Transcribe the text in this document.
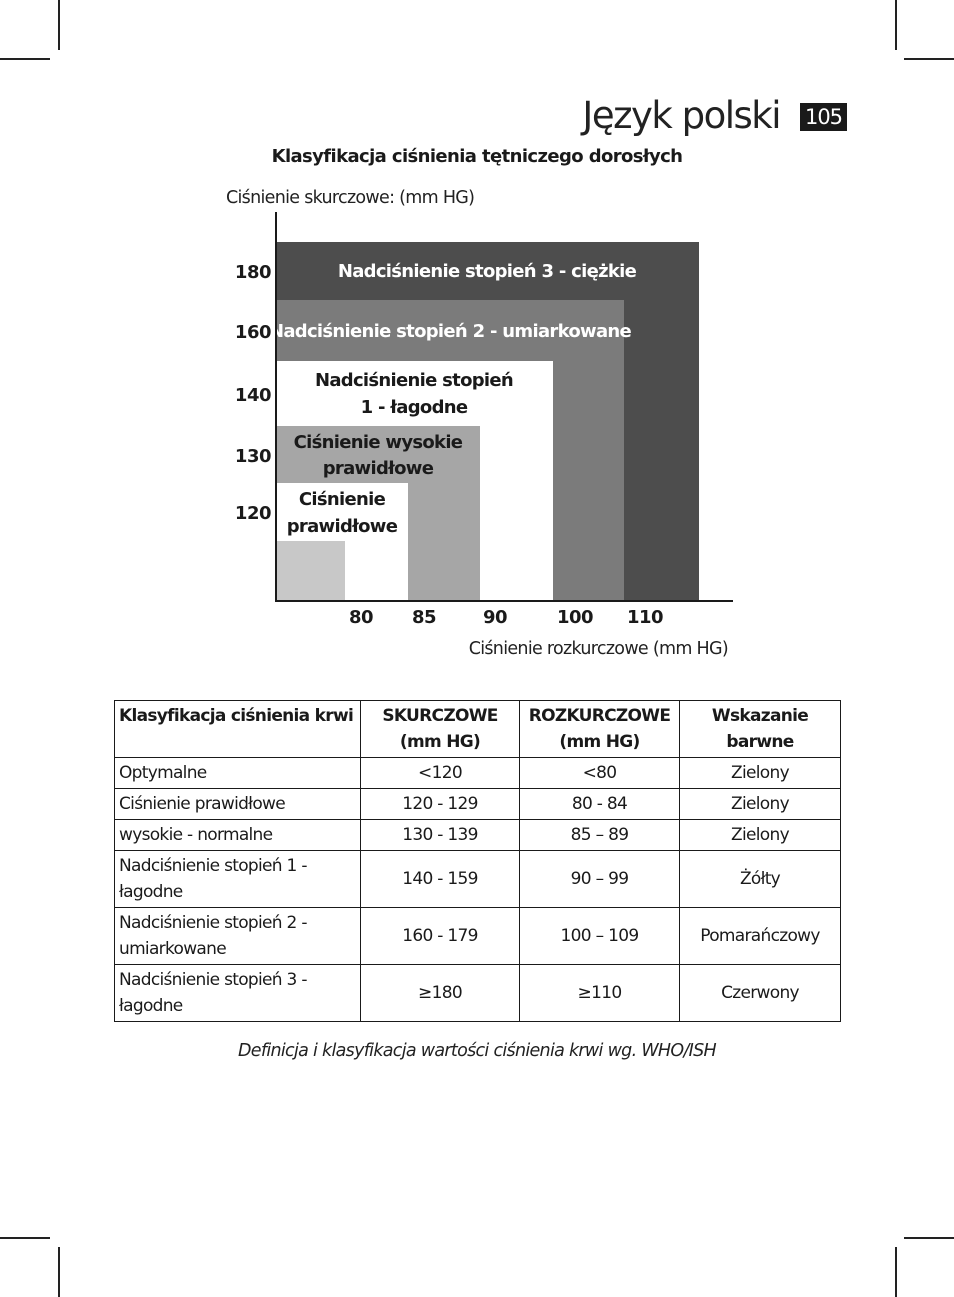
Język polski 105
Klasyfikacja ciśnienia tętniczego dorosłych
Nadciśnienie stopień 3 - ciężkie
Nadciśnienie stopień 2 - umiarkowane
Nadciśnienie stopień
1 - łagodne
Ciśnienie wysokie
prawidłowe
Ciśnienie
prawidłowe
180
160
140
130
120
80 85	90	100 110
Ciśnienie skurczowe: (mm HG)
Ciśnienie rozkurczowe (mm HG)
Klasyfikacja ciśnienia krwi	SKURCZOWE (mm HG)	ROZKURCZOWE (mm HG)	Wskazanie barwne
Optymalne	<120	<80	Zielony
Ciśnienie prawidłowe	120 - 129	80 - 84	Zielony
wysokie - normalne	130 - 139	85 – 89	Zielony
Nadciśnienie stopień 1 - łagodne	140 - 159	90 – 99	Żółty
Nadciśnienie stopień 2 - umiarkowane	160 - 179	100 – 109	Pomarańczowy
Nadciśnienie stopień 3 - łagodne	≥180	≥110	Czerwony
Definicja i klasyfikacja wartości ciśnienia krwi wg. WHO/ISH
